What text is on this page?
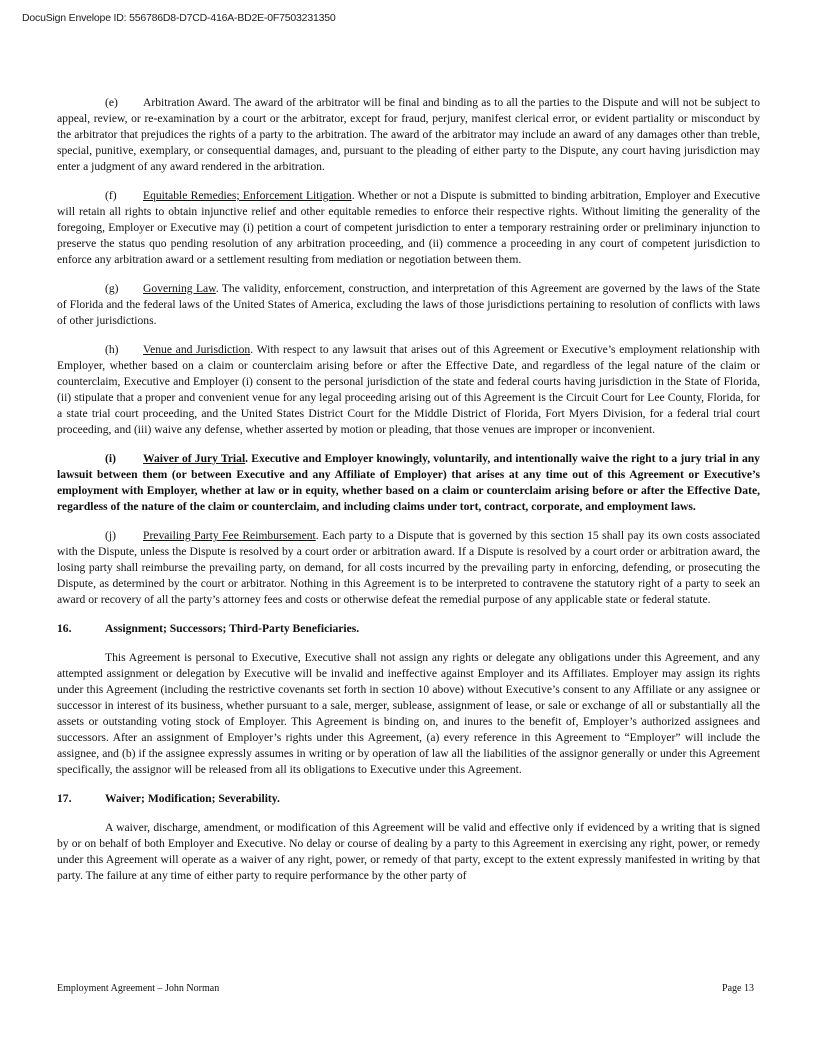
DocuSign Envelope ID: 556786D8-D7CD-416A-BD2E-0F7503231350

(e) Arbitration Award. The award of the arbitrator will be final and binding as to all the parties to the Dispute and will not be subject to appeal, review, or re-examination by a court or the arbitrator, except for fraud, perjury, manifest clerical error, or evident partiality or misconduct by the arbitrator that prejudices the rights of a party to the arbitration. The award of the arbitrator may include an award of any damages other than treble, special, punitive, exemplary, or consequential damages, and, pursuant to the pleading of either party to the Dispute, any court having jurisdiction may enter a judgment of any award rendered in the arbitration.

(f) Equitable Remedies; Enforcement Litigation. Whether or not a Dispute is submitted to binding arbitration, Employer and Executive will retain all rights to obtain injunctive relief and other equitable remedies to enforce their respective rights. Without limiting the generality of the foregoing, Employer or Executive may (i) petition a court of competent jurisdiction to enter a temporary restraining order or preliminary injunction to preserve the status quo pending resolution of any arbitration proceeding, and (ii) commence a proceeding in any court of competent jurisdiction to enforce any arbitration award or a settlement resulting from mediation or negotiation between them.

(g) Governing Law. The validity, enforcement, construction, and interpretation of this Agreement are governed by the laws of the State of Florida and the federal laws of the United States of America, excluding the laws of those jurisdictions pertaining to resolution of conflicts with laws of other jurisdictions.

(h) Venue and Jurisdiction. With respect to any lawsuit that arises out of this Agreement or Executive’s employment relationship with Employer, whether based on a claim or counterclaim arising before or after the Effective Date, and regardless of the legal nature of the claim or counterclaim, Executive and Employer (i) consent to the personal jurisdiction of the state and federal courts having jurisdiction in the State of Florida, (ii) stipulate that a proper and convenient venue for any legal proceeding arising out of this Agreement is the Circuit Court for Lee County, Florida, for a state trial court proceeding, and the United States District Court for the Middle District of Florida, Fort Myers Division, for a federal trial court proceeding, and (iii) waive any defense, whether asserted by motion or pleading, that those venues are improper or inconvenient.

(i) Waiver of Jury Trial. Executive and Employer knowingly, voluntarily, and intentionally waive the right to a jury trial in any lawsuit between them (or between Executive and any Affiliate of Employer) that arises at any time out of this Agreement or Executive’s employment with Employer, whether at law or in equity, whether based on a claim or counterclaim arising before or after the Effective Date, regardless of the nature of the claim or counterclaim, and including claims under tort, contract, corporate, and employment laws.

(j) Prevailing Party Fee Reimbursement. Each party to a Dispute that is governed by this section 15 shall pay its own costs associated with the Dispute, unless the Dispute is resolved by a court order or arbitration award. If a Dispute is resolved by a court order or arbitration award, the losing party shall reimburse the prevailing party, on demand, for all costs incurred by the prevailing party in enforcing, defending, or prosecuting the Dispute, as determined by the court or arbitrator. Nothing in this Agreement is to be interpreted to contravene the statutory right of a party to seek an award or recovery of all the party’s attorney fees and costs or otherwise defeat the remedial purpose of any applicable state or federal statute.

16.	Assignment; Successors; Third-Party Beneficiaries.

This Agreement is personal to Executive, Executive shall not assign any rights or delegate any obligations under this Agreement, and any attempted assignment or delegation by Executive will be invalid and ineffective against Employer and its Affiliates. Employer may assign its rights under this Agreement (including the restrictive covenants set forth in section 10 above) without Executive’s consent to any Affiliate or any assignee or successor in interest of its business, whether pursuant to a sale, merger, sublease, assignment of lease, or sale or exchange of all or substantially all the assets or outstanding voting stock of Employer. This Agreement is binding on, and inures to the benefit of, Employer’s authorized assignees and successors. After an assignment of Employer’s rights under this Agreement, (a) every reference in this Agreement to “Employer” will include the assignee, and (b) if the assignee expressly assumes in writing or by operation of law all the liabilities of the assignor generally or under this Agreement specifically, the assignor will be released from all its obligations to Executive under this Agreement.

17.	Waiver; Modification; Severability.

A waiver, discharge, amendment, or modification of this Agreement will be valid and effective only if evidenced by a writing that is signed by or on behalf of both Employer and Executive. No delay or course of dealing by a party to this Agreement in exercising any right, power, or remedy under this Agreement will operate as a waiver of any right, power, or remedy of that party, except to the extent expressly manifested in writing by that party. The failure at any time of either party to require performance by the other party of

Employment Agreement – John Norman	Page 13
